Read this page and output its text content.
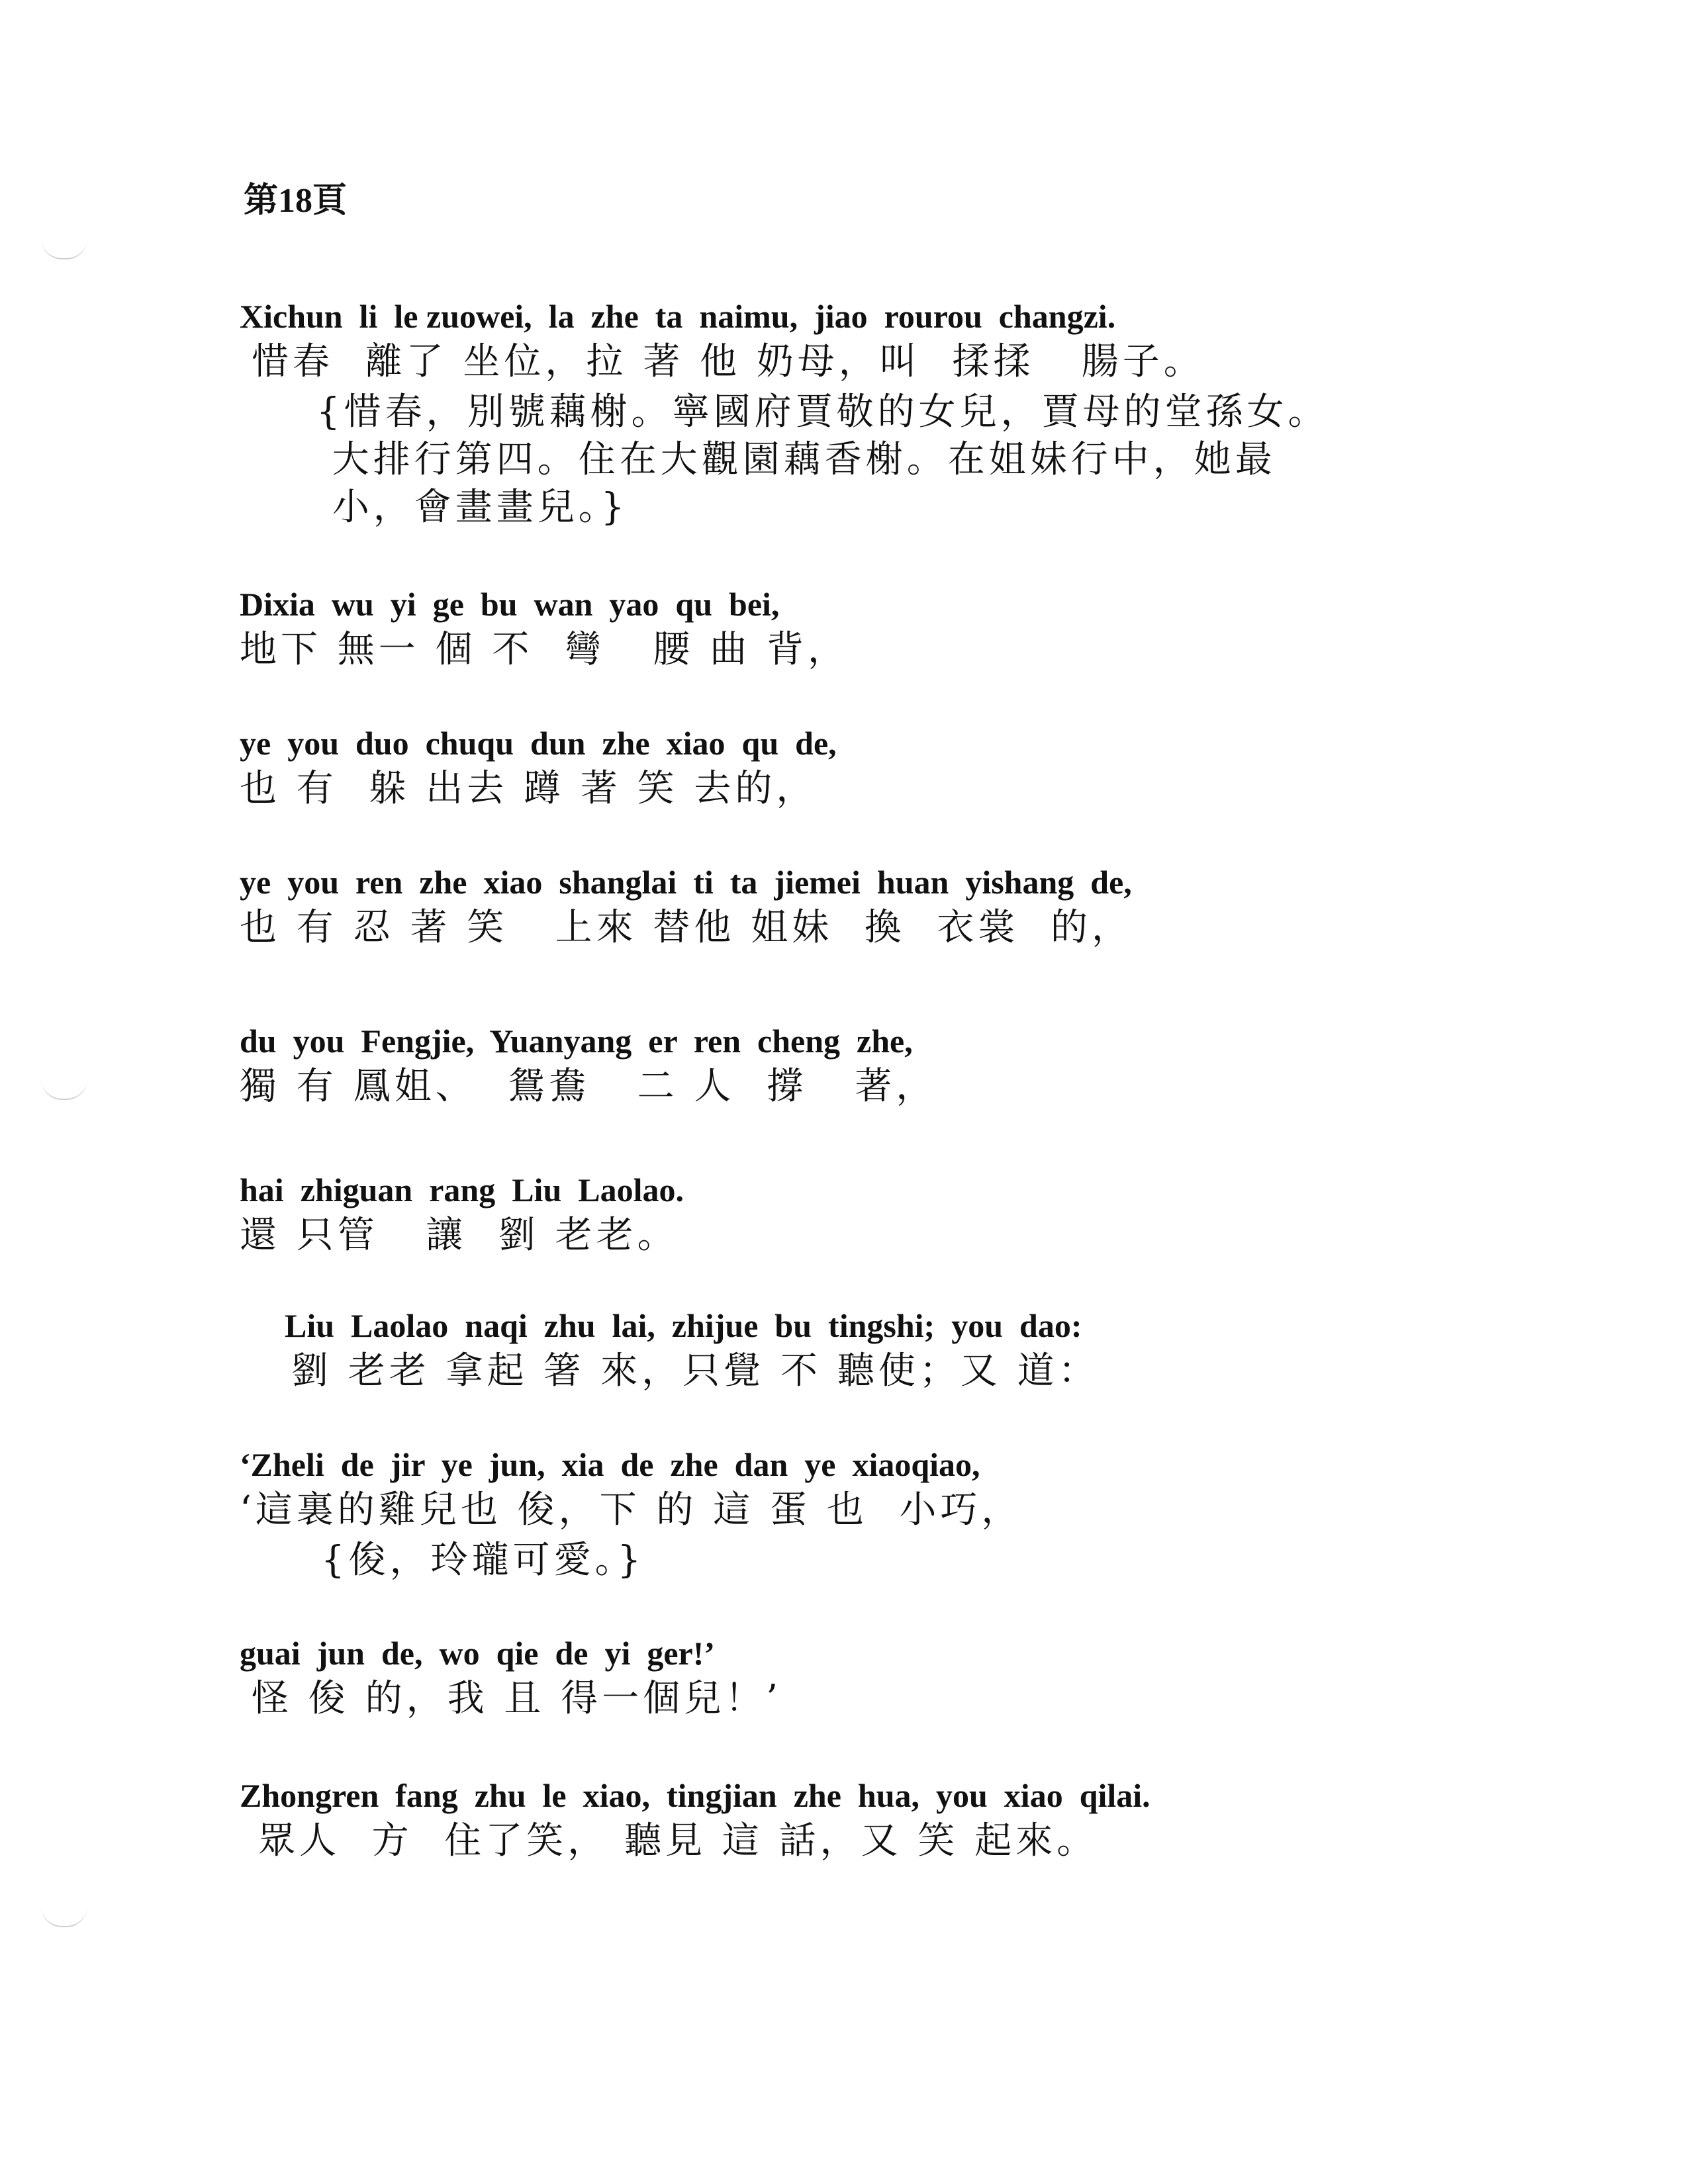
第18頁
Xichun  li  le zuowei,  la  zhe  ta  naimu,  jiao  rourou  changzi.
惜春  離了 坐位，拉 著 他 奶母，叫  揉揉   腸子。
{惜春，別號藕榭。寧國府賈敬的女兒，賈母的堂孫女。
大排行第四。住在大觀園藕香榭。在姐妹行中，她最
小，會畫畫兒。}
Dixia  wu  yi  ge  bu  wan  yao  qu  bei,
地下 無一 個 不  彎   腰 曲 背，
ye  you  duo  chuqu  dun  zhe  xiao  qu  de,
也 有  躲 出去 蹲 著 笑 去的，
ye  you  ren  zhe  xiao  shanglai  ti  ta  jiemei  huan  yishang  de,
也 有 忍 著 笑   上來 替他 姐妹  換  衣裳  的，
du  you  Fengjie,  Yuanyang  er  ren  cheng  zhe,
獨 有 鳳姐、  鴛鴦   二 人  撐   著，
hai  zhiguan  rang  Liu  Laolao.
還 只管   讓  劉 老老。
Liu  Laolao  naqi  zhu  lai,  zhijue  bu  tingshi;  you  dao:
劉 老老 拿起 箸 來，只覺 不 聽使；又 道：
‘Zheli  de  jir  ye  jun,  xia  de  zhe  dan  ye  xiaoqiao,
‘這裏的雞兒也 俊，下 的 這 蛋 也  小巧，
{俊，玲瓏可愛。}
guai  jun  de,  wo  qie  de  yi  ger!’
怪 俊 的，我 且 得一個兒！’
Zhongren  fang  zhu  le  xiao,  tingjian  zhe  hua,  you  xiao  qilai.
眾人  方  住了笑， 聽見 這 話，又 笑 起來。
